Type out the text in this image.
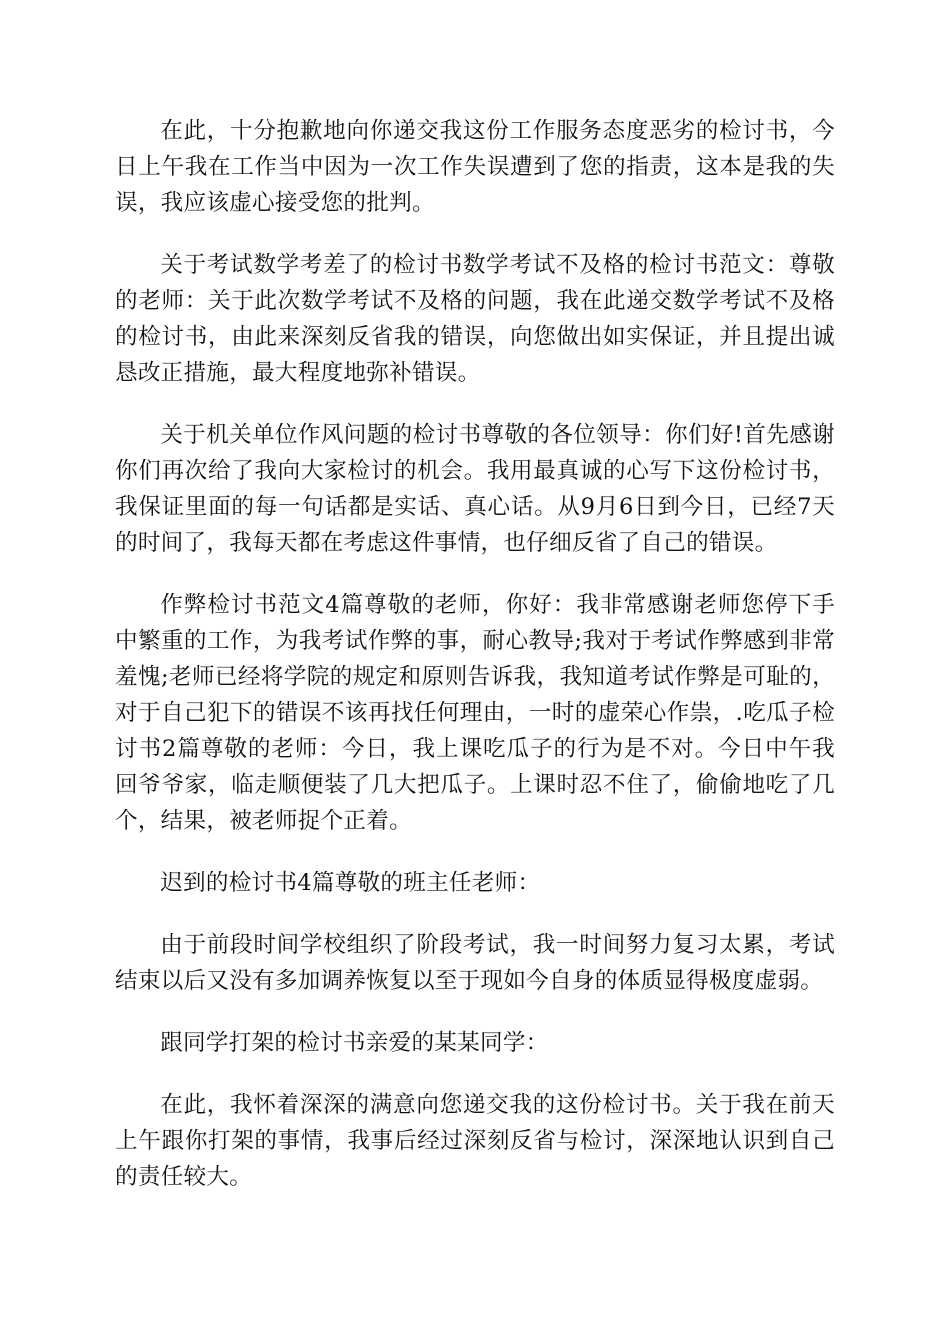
在此，十分抱歉地向你递交我这份工作服务态度恶劣的检讨书，今日上午我在工作当中因为一次工作失误遭到了您的指责，这本是我的失误，我应该虚心接受您的批判。

关于考试数学考差了的检讨书数学考试不及格的检讨书范文：尊敬的老师：关于此次数学考试不及格的问题，我在此递交数学考试不及格的检讨书，由此来深刻反省我的错误，向您做出如实保证，并且提出诚恳改正措施，最大程度地弥补错误。

关于机关单位作风问题的检讨书尊敬的各位领导：你们好!首先感谢你们再次给了我向大家检讨的机会。我用最真诚的心写下这份检讨书，我保证里面的每一句话都是实话、真心话。从9月6日到今日，已经7天的时间了，我每天都在考虑这件事情，也仔细反省了自己的错误。

作弊检讨书范文4篇尊敬的老师，你好：我非常感谢老师您停下手中繁重的工作，为我考试作弊的事，耐心教导;我对于考试作弊感到非常羞愧;老师已经将学院的规定和原则告诉我，我知道考试作弊是可耻的，对于自己犯下的错误不该再找任何理由，一时的虚荣心作祟，.吃瓜子检讨书2篇尊敬的老师：今日，我上课吃瓜子的行为是不对。今日中午我回爷爷家，临走顺便装了几大把瓜子。上课时忍不住了，偷偷地吃了几个，结果，被老师捉个正着。

迟到的检讨书4篇尊敬的班主任老师：

由于前段时间学校组织了阶段考试，我一时间努力复习太累，考试结束以后又没有多加调养恢复以至于现如今自身的体质显得极度虚弱。

跟同学打架的检讨书亲爱的某某同学：

在此，我怀着深深的满意向您递交我的这份检讨书。关于我在前天上午跟你打架的事情，我事后经过深刻反省与检讨，深深地认识到自己的责任较大。
